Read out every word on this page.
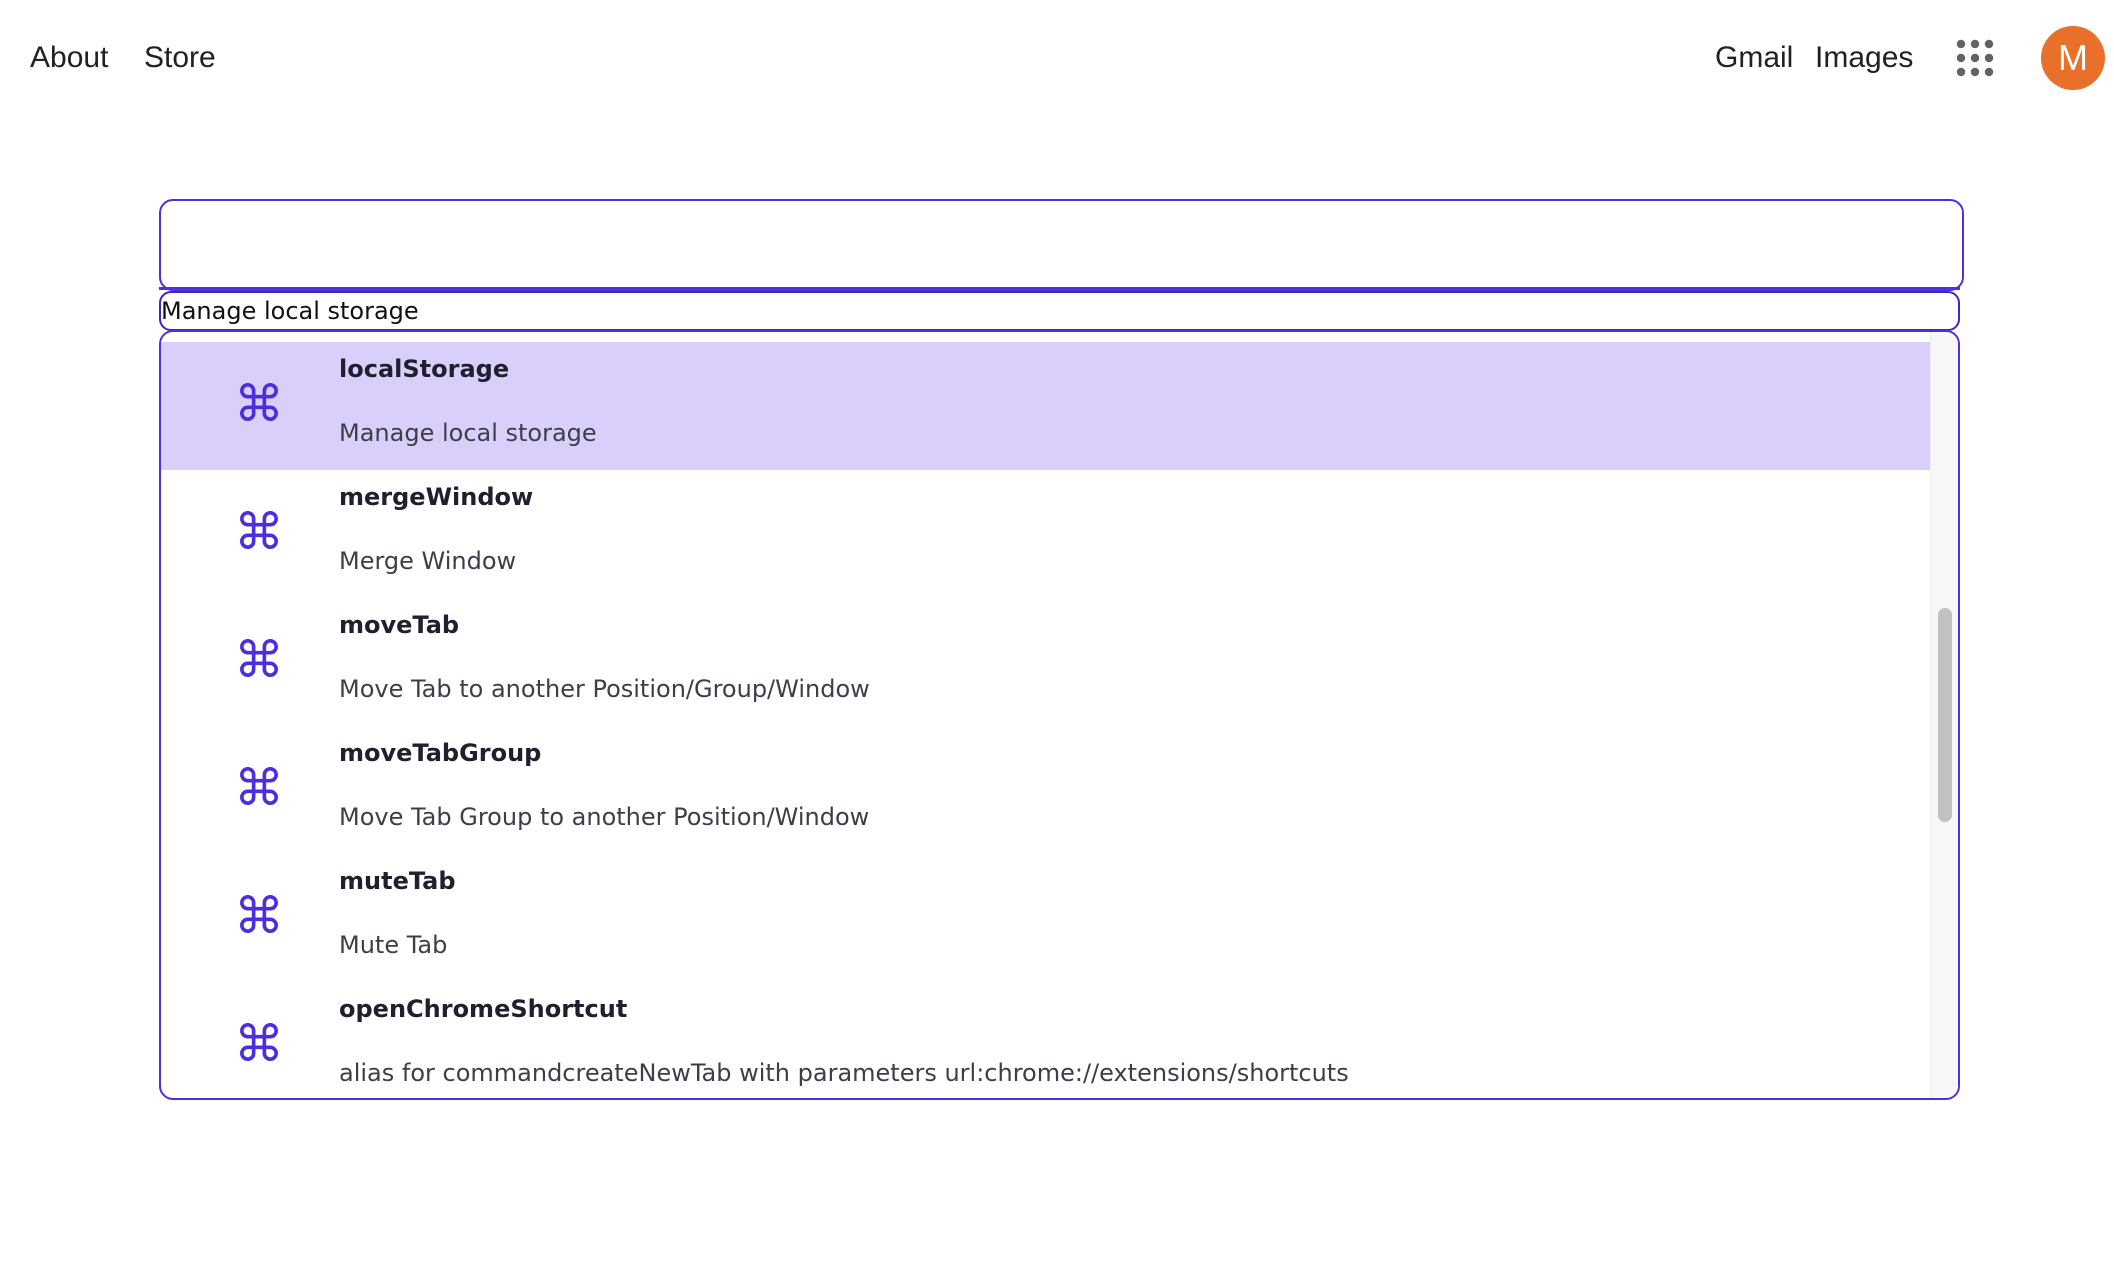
About Store	Gmail Images	M
Manage local storage
⌘
localStorage
Manage local storage
⌘
mergeWindow
Merge Window
⌘
moveTab
Move Tab to another Position/Group/Window
⌘
moveTabGroup
Move Tab Group to another Position/Window
⌘
muteTab
Mute Tab
⌘
openChromeShortcut
alias for commandcreateNewTab with parameters url:chrome://extensions/shortcuts
